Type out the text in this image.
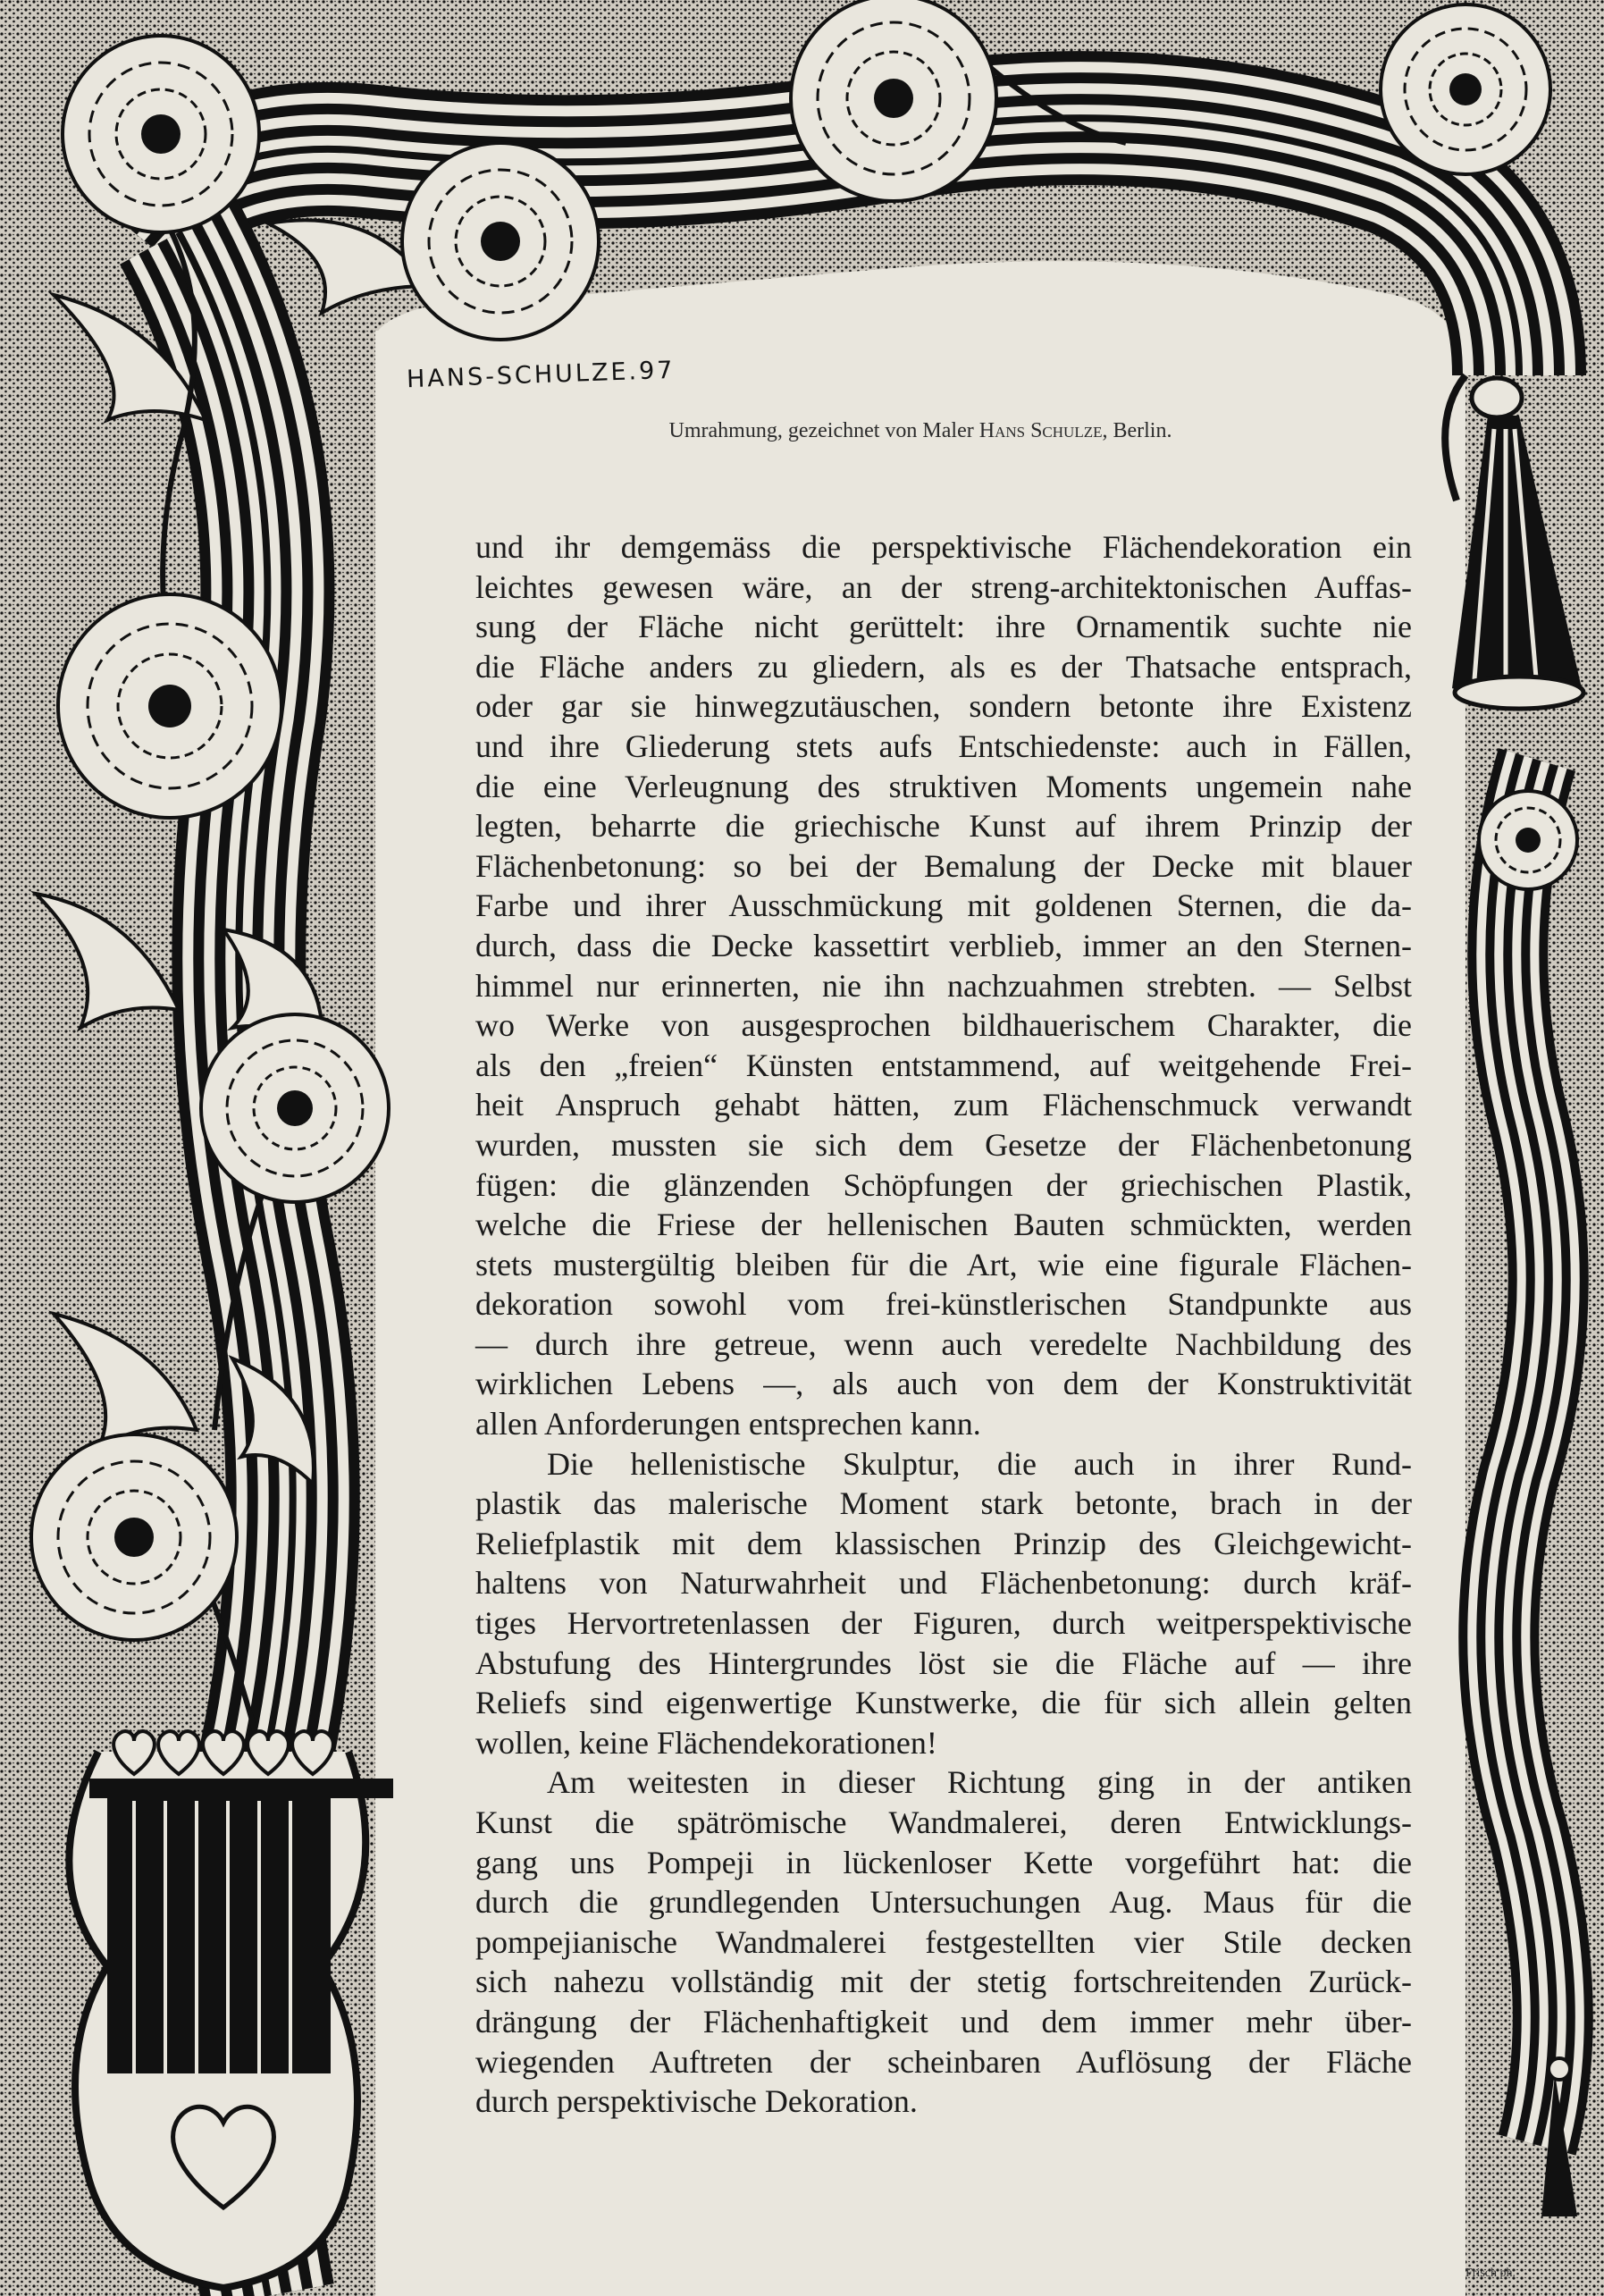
HANS-SCHULZE.97
Umrahmung, gezeichnet von Maler Hans Schulze, Berlin.
und ihr demgemäss die perspektivische Flächendekoration ein
leichtes gewesen wäre, an der streng-architektonischen Auffas-
sung der Fläche nicht gerüttelt: ihre Ornamentik suchte nie
die Fläche anders zu gliedern, als es der Thatsache entsprach,
oder gar sie hinwegzutäuschen, sondern betonte ihre Existenz
und ihre Gliederung stets aufs Entschiedenste: auch in Fällen,
die eine Verleugnung des struktiven Moments ungemein nahe
legten, beharrte die griechische Kunst auf ihrem Prinzip der
Flächenbetonung: so bei der Bemalung der Decke mit blauer
Farbe und ihrer Ausschmückung mit goldenen Sternen, die da-
durch, dass die Decke kassettirt verblieb, immer an den Sternen-
himmel nur erinnerten, nie ihn nachzuahmen strebten. — Selbst
wo Werke von ausgesprochen bildhauerischem Charakter, die
als den „freien“ Künsten entstammend, auf weitgehende Frei-
heit Anspruch gehabt hätten, zum Flächenschmuck verwandt
wurden, mussten sie sich dem Gesetze der Flächenbetonung
fügen: die glänzenden Schöpfungen der griechischen Plastik,
welche die Friese der hellenischen Bauten schmückten, werden
stets mustergültig bleiben für die Art, wie eine figurale Flächen-
dekoration sowohl vom frei-künstlerischen Standpunkte aus
— durch ihre getreue, wenn auch veredelte Nachbildung des
wirklichen Lebens —, als auch von dem der Konstruktivität
allen Anforderungen entsprechen kann.
Die hellenistische Skulptur, die auch in ihrer Rund-
plastik das malerische Moment stark betonte, brach in der
Reliefplastik mit dem klassischen Prinzip des Gleichgewicht-
haltens von Naturwahrheit und Flächenbetonung: durch kräf-
tiges Hervortretenlassen der Figuren, durch weitperspektivische
Abstufung des Hintergrundes löst sie die Fläche auf — ihre
Reliefs sind eigenwertige Kunstwerke, die für sich allein gelten
wollen, keine Flächendekorationen!
Am weitesten in dieser Richtung ging in der antiken
Kunst die spätrömische Wandmalerei, deren Entwicklungs-
gang uns Pompeji in lückenloser Kette vorgeführt hat: die
durch die grundlegenden Untersuchungen Aug. Maus für die
pompejianische Wandmalerei festgestellten vier Stile decken
sich nahezu vollständig mit der stetig fortschreitenden Zurück-
drängung der Flächenhaftigkeit und dem immer mehr über-
wiegenden Auftreten der scheinbaren Auflösung der Fläche
durch perspektivische Dekoration.
Frisch ph.
